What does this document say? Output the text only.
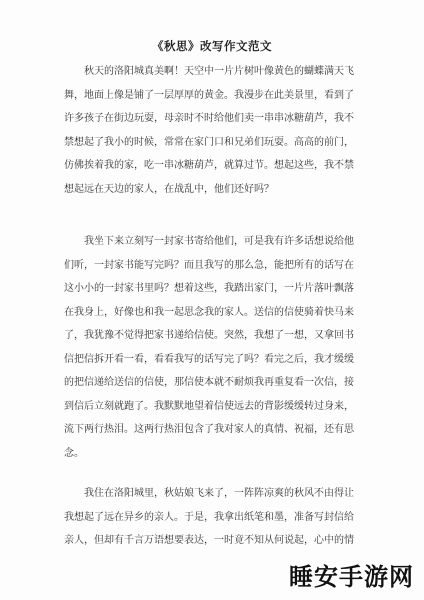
《秋思》改写作文范文
秋天的洛阳城真美啊！天空中一片片树叶像黄色的蝴蝶满天飞
舞，地面上像是铺了一层厚厚的黄金。我漫步在此美景里，看到了
许多孩子在街边玩耍，母亲时不时给他们卖一串串冰糖葫芦，我不
禁想起了我小的时候，常常在家门口和兄弟们玩耍。高高的前门，
仿佛挨着我的家，吃一串冰糖葫芦，就算过节。想起这些，我不禁
想起远在天边的家人，在战乱中，他们还好吗？
我坐下来立刻写一封家书寄给他们，可是我有许多话想说给他
们听，一封家书能写完吗？而且我写的那么急，能把所有的话写在
这小小的一封家书里吗？想着这些，我踏出家门，一片片落叶飘落
在我身上，好像也和我一起思念我的家人。送信的信使骑着快马来
了，我犹豫不觉得把家书递给信使。突然，我想了一想，又拿回书
信把信拆开看一看，看看我写的话写完了吗？看完之后，我才缓缓
的把信递给送信的信使，那信使本就不耐烦我再重复看一次信，接
到信后立刻就跑了。我默默地望着信使远去的背影缓缓转过身来，
流下两行热泪。这两行热泪包含了我对家人的真情、祝福，还有思
念。
我住在洛阳城里，秋姑娘飞来了，一阵阵凉爽的秋风不由得让
我想起了远在异乡的亲人。于是，我拿出纸笔和墨，准备写封信给
亲人，但却有千言万语想要表达，一时竟不知从何说起，心中的情
睡安手游网
